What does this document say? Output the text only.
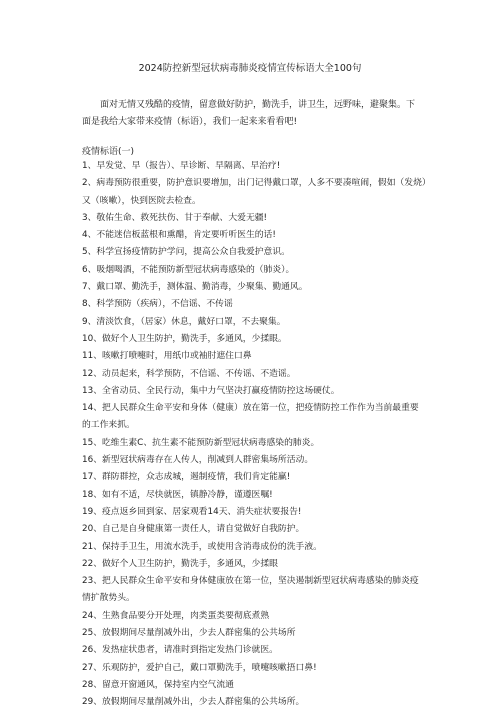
2024防控新型冠状病毒肺炎疫情宣传标语大全100句

面对无情又残酷的疫情，留意做好防护，勤洗手，讲卫生，远野味，避聚集。下面是我给大家带来疫情（标语），我们一起来来看看吧!

疫情标语(一)

1、早发觉、早（报告）、早诊断、早隔离、早治疗!
2、病毒预防很重要，防护意识要增加，出门记得戴口罩，人多不要凑喧闹，假如（发烧）又（咳嗽），快到医院去检查。
3、敬佑生命、救死扶伤、甘于奉献、大爱无疆!
4、不能迷信板蓝根和熏醋，肯定要听听医生的话!
5、科学宣扬疫情防护学问，提高公众自我爱护意识。
6、吸烟喝酒，不能预防新型冠状病毒感染的（肺炎）。
7、戴口罩、勤洗手，测体温、勤消毒，少聚集、勤通风。
8、科学预防（疾病），不信谣、不传谣
9、清淡饮食，（居家）休息，戴好口罩，不去聚集。
10、做好个人卫生防护，勤洗手，多通风，少揉眼。
11、咳嗽打喷嚏时，用纸巾或袖肘遮住口鼻
12、动员起来，科学预防，不信谣、不传谣、不造谣。
13、全省动员、全民行动，集中力气坚决打赢疫情防控这场硬仗。
14、把人民群众生命平安和身体（健康）放在第一位，把疫情防控工作作为当前最重要的工作来抓。
15、吃维生素C、抗生素不能预防新型冠状病毒感染的肺炎。
16、新型冠状病毒存在人传人，削减到人群密集场所活动。
17、群防群控，众志成城，遏制疫情，我们肯定能赢!
18、如有不适，尽快就医，镇静冷静，谨遵医嘱!
19、疫点返乡回到家、居家观看14天、消失症状要报告!
20、自己是自身健康第一责任人，请自觉做好自我防护。
21、保持手卫生，用流水洗手，或使用含消毒成份的洗手液。
22、做好个人卫生防护，勤洗手，多通风，少揉眼
23、把人民群众生命平安和身体健康放在第一位，坚决遏制新型冠状病毒感染的肺炎疫情扩散势头。
24、生熟食品要分开处理，肉类蛋类要彻底煮熟
25、放假期间尽量削减外出，少去人群密集的公共场所
26、发热症状患者，请准时到指定发热门诊就医。
27、乐观防护，爱护自己，戴口罩勤洗手，喷嚏咳嗽捂口鼻!
28、留意开窗通风，保持室内空气流通
29、放假期间尽量削减外出，少去人群密集的公共场所。
